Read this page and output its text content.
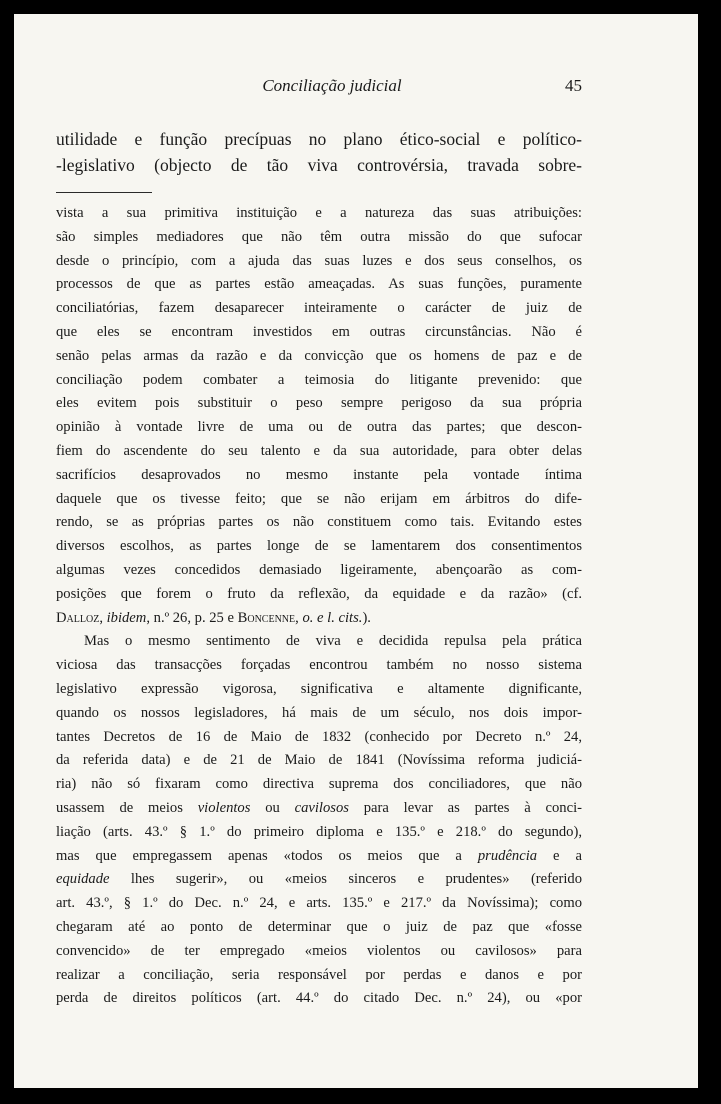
Conciliação judicial	45
utilidade e função precípuas no plano ético-social e político-
-legislativo (objecto de tão viva controvérsia, travada sobre-
vista a sua primitiva instituição e a natureza das suas atribuições:
são simples mediadores que não têm outra missão do que sufocar
desde o princípio, com a ajuda das suas luzes e dos seus conselhos, os
processos de que as partes estão ameaçadas. As suas funções, puramente
conciliatórias, fazem desaparecer inteiramente o carácter de juiz de
que eles se encontram investidos em outras circunstâncias. Não é
senão pelas armas da razão e da convicção que os homens de paz e de
conciliação podem combater a teimosia do litigante prevenido: que
eles evitem pois substituir o peso sempre perigoso da sua própria
opinião à vontade livre de uma ou de outra das partes; que descon-
fiem do ascendente do seu talento e da sua autoridade, para obter delas
sacrifícios desaprovados no mesmo instante pela vontade íntima
daquele que os tivesse feito; que se não erijam em árbitros do dife-
rendo, se as próprias partes os não constituem como tais. Evitando estes
diversos escolhos, as partes longe de se lamentarem dos consentimentos
algumas vezes concedidos demasiado ligeiramente, abençoarão as com-
posições que forem o fruto da reflexão, da equidade e da razão» (cf.
Dalloz, ibidem, n.º 26, p. 25 e Boncenne, o. e l. cits.).
Mas o mesmo sentimento de viva e decidida repulsa pela prática
viciosa das transacções forçadas encontrou também no nosso sistema
legislativo expressão vigorosa, significativa e altamente dignificante,
quando os nossos legisladores, há mais de um século, nos dois impor-
tantes Decretos de 16 de Maio de 1832 (conhecido por Decreto n.º 24,
da referida data) e de 21 de Maio de 1841 (Novíssima reforma judiciá-
ria) não só fixaram como directiva suprema dos conciliadores, que não
usassem de meios violentos ou cavilosos para levar as partes à conci-
liação (arts. 43.º § 1.º do primeiro diploma e 135.º e 218.º do segundo),
mas que empregassem apenas «todos os meios que a prudência e a
equidade lhes sugerir», ou «meios sinceros e prudentes» (referido
art. 43.º, § 1.º do Dec. n.º 24, e arts. 135.º e 217.º da Novíssima); como
chegaram até ao ponto de determinar que o juiz de paz que «fosse
convencido» de ter empregado «meios violentos ou cavilosos» para
realizar a conciliação, seria responsável por perdas e danos e por
perda de direitos políticos (art. 44.º do citado Dec. n.º 24), ou «por
